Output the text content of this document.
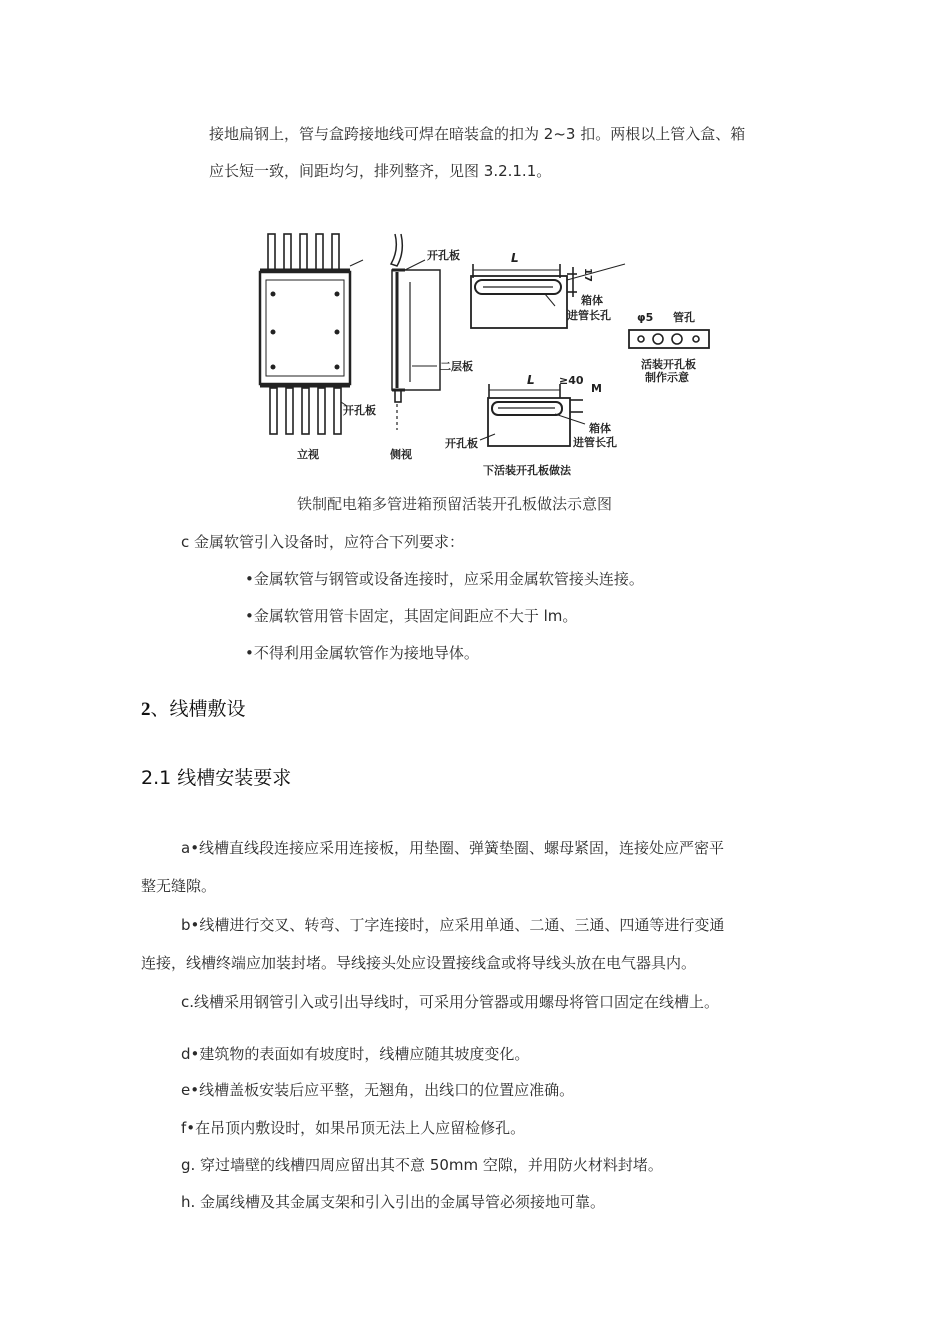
接地扁钢上，管与盒跨接地线可焊在暗装盒的扣为 2~3 扣。两根以上管入盒、箱
应长短一致，间距均匀，排列整齐，见图 3.2.1.1。
开孔板
开孔板
开孔板
二层板
立视	侧视
L
17
箱体
进管长孔 φ5 管孔
活装开孔板
制作示意
L ≥40
M
箱体
进管长孔
下活装开孔板做法
铁制配电箱多管进箱预留活装开孔板做法示意图
c 金属软管引入设备时，应符合下列要求：
•金属软管与钢管或设备连接时，应采用金属软管接头连接。
•金属软管用管卡固定，其固定间距应不大于 lm。
•不得利用金属软管作为接地导体。
2、线槽敷设
2.1 线槽安装要求
a•线槽直线段连接应采用连接板，用垫圈、弹簧垫圈、螺母紧固，连接处应严密平
整无缝隙。
b•线槽进行交叉、转弯、丁字连接时，应采用单通、二通、三通、四通等进行变通
连接，线槽终端应加装封堵。导线接头处应设置接线盒或将导线头放在电气器具内。
c.线槽采用钢管引入或引出导线时，可采用分管器或用螺母将管口固定在线槽上。
d•建筑物的表面如有坡度时，线槽应随其坡度变化。
e•线槽盖板安装后应平整，无翘角，出线口的位置应准确。
f•在吊顶内敷设时，如果吊顶无法上人应留检修孔。
g. 穿过墙壁的线槽四周应留出其不意 50mm 空隙，并用防火材料封堵。
h. 金属线槽及其金属支架和引入引出的金属导管必须接地可靠。
